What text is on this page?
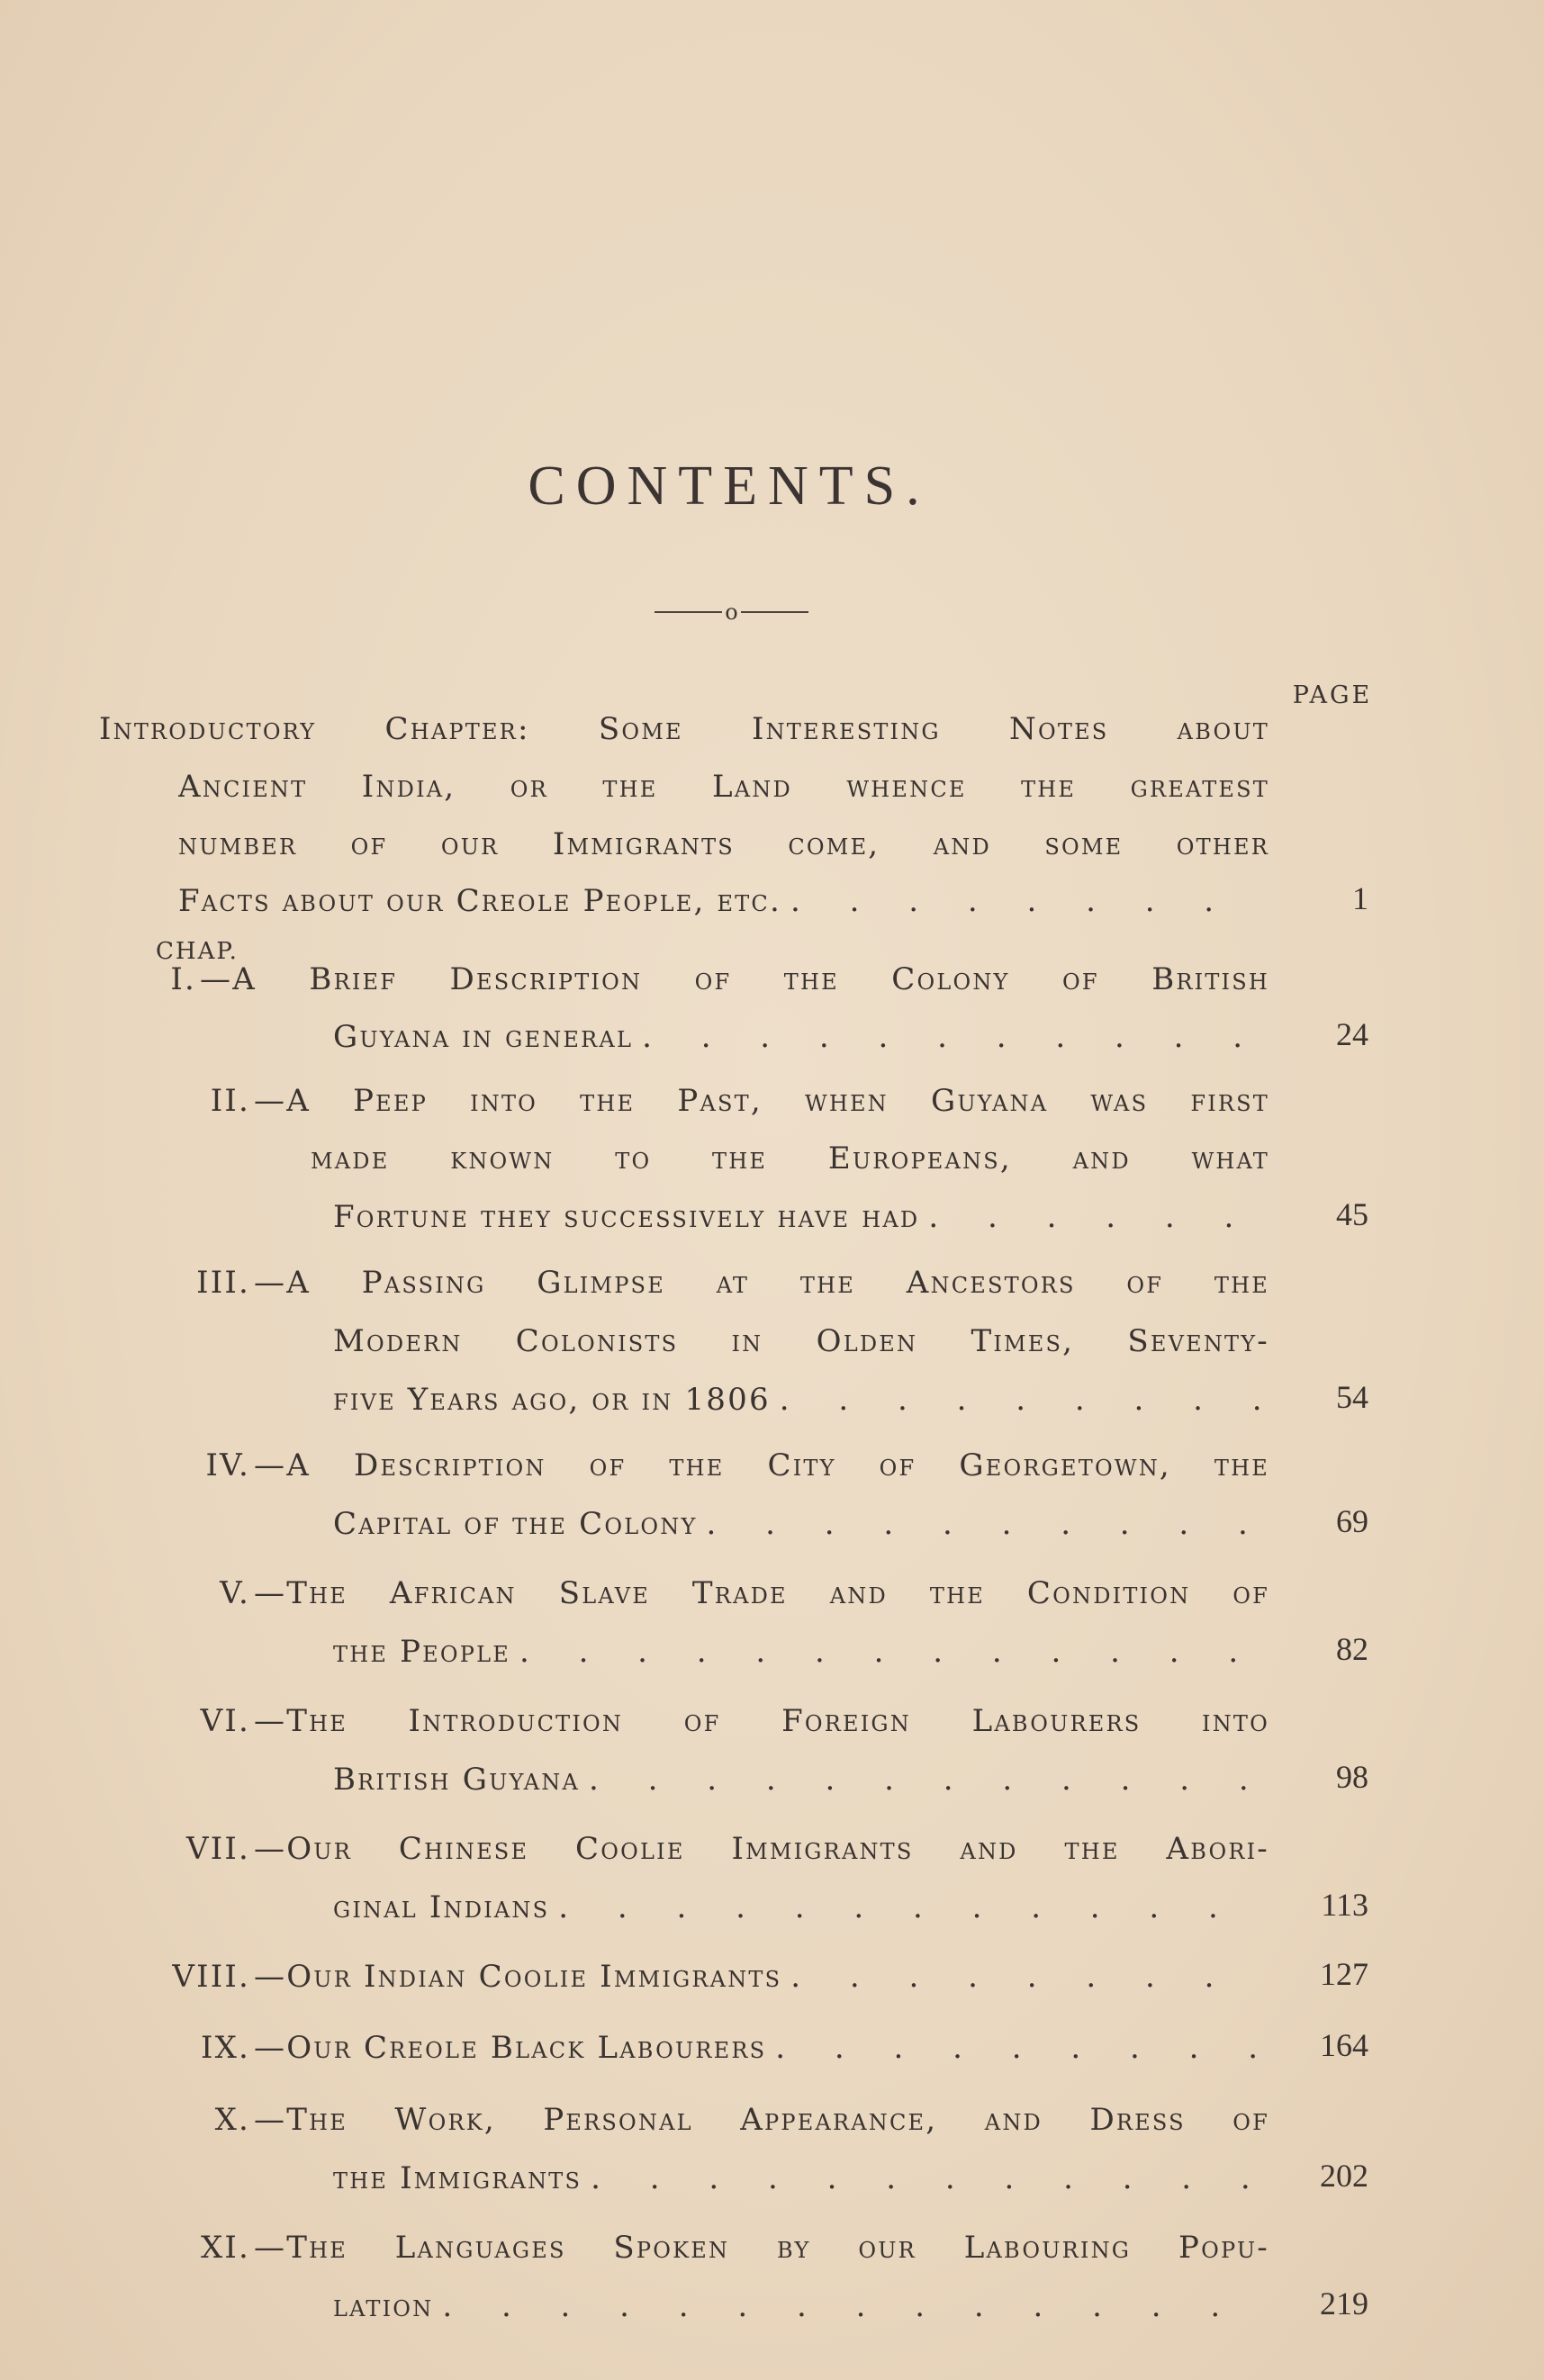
CONTENTS.
o
PAGE
CHAP.
Introductory Chapter: Some Interesting Notes about
Ancient India, or the Land whence the greatest
number of our Immigrants come, and some other
1
Facts about our Creole People, etc.
. . .
I. —A Brief Description of the Colony of British
24
Guyana in general
. . .
II. —A Peep into the Past, when Guyana was first
made known to the Europeans, and what
45
Fortune they successively have had
. . .
III. —A Passing Glimpse at the Ancestors of the
Modern Colonists in Olden Times, Seventy-
54
five Years ago, or in 1806
. . .
IV. —A Description of the City of Georgetown, the
69
Capital of the Colony
. . .
V. —The African Slave Trade and the Condition of
82
the People
. . .
VI. —The Introduction of Foreign Labourers into
98
British Guyana
. . .
VII. —Our Chinese Coolie Immigrants and the Abori-
113
ginal Indians
. . .
127
VIII. —Our Indian Coolie Immigrants
. . .
164
IX. —Our Creole Black Labourers
. . .
X. —The Work, Personal Appearance, and Dress of
202
the Immigrants
. . .
XI. —The Languages Spoken by our Labouring Popu-
219
lation
. . .
